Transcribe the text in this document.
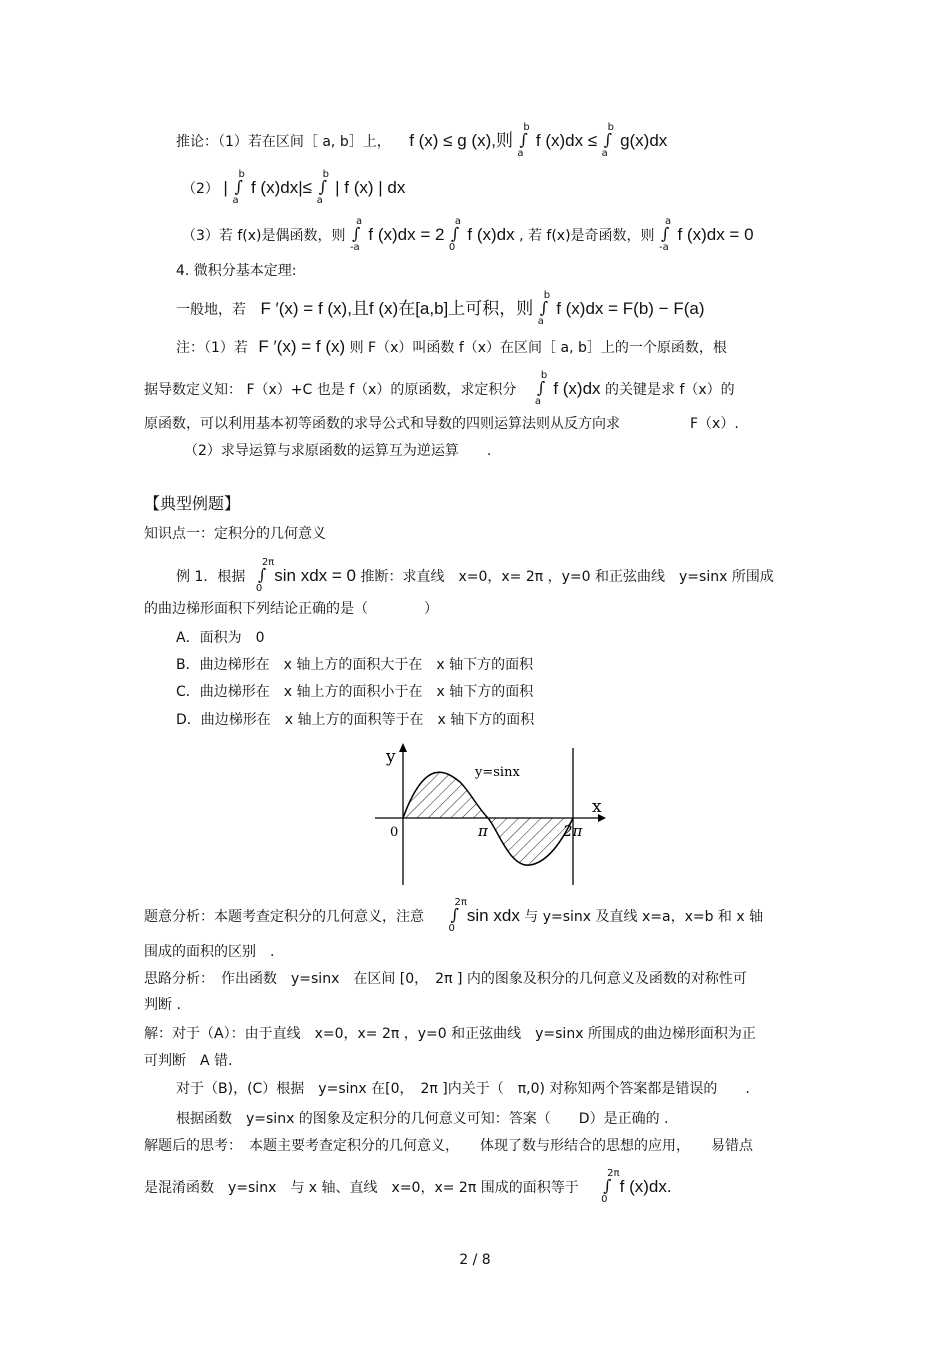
推论：（1）若在区间［ a, b］上， f (x) ≤ g (x),则 ∫
b
a
f (x)dx ≤ ∫
b
a
g(x)dx
（2） | ∫
b
a
f (x)dx|≤ ∫
b
a
| f (x) | dx
（3）若 f(x)是偶函数，则 ∫
a
-a
f (x)dx = 2 ∫
a
0
f (x)dx , 若 f(x)是奇函数，则 ∫
a
-a
f (x)dx = 0
4. 微积分基本定理:
一般地，若 F ′(x) = f (x),且f (x)在[a,b]上可积，则 ∫
b
a
f (x)dx = F(b) − F(a)
注：（1）若 F ′(x) = f (x) 则 F（x）叫函数 f（x）在区间［ a, b］上的一个原函数，根
据导数定义知： F（x）+C 也是 f（x）的原函数，求定积分 ∫
b
a
f (x)dx 的关键是求 f（x）的
原函数，可以利用基本初等函数的求导公式和导数的四则运算法则从反方向求　　　　　F（x）.
（2）求导运算与求原函数的运算互为逆运算　　.
【典型例题】
知识点一：定积分的几何意义
例 1．根据 ∫
2π
0
sin xdx = 0 推断：求直线　x=0，x= 2π ，y=0 和正弦曲线　y=sinx 所围成
的曲边梯形面积下列结论正确的是（　　　　）
A．面积为　0
B．曲边梯形在　x 轴上方的面积大于在　x 轴下方的面积
C．曲边梯形在　x 轴上方的面积小于在　x 轴下方的面积
D．曲边梯形在　x 轴上方的面积等于在　x 轴下方的面积
y
x
0	π	2π
y=sinx
题意分析：本题考查定积分的几何意义，注意 ∫
2π
0
sin xdx 与 y=sinx 及直线 x=a，x=b 和 x 轴
围成的面积的区别　.
思路分析：　作出函数　y=sinx　在区间 [0，　2π ] 内的图象及积分的几何意义及函数的对称性可
判断 .
解：对于（A）：由于直线　x=0，x= 2π ，y=0 和正弦曲线　y=sinx 所围成的曲边梯形面积为正
可判断　A 错.
对于（B)，(C）根据　y=sinx 在[0，　2π ]内关于（　π,0) 对称知两个答案都是错误的　　.
根据函数　y=sinx 的图象及定积分的几何意义可知：答案（　　D）是正确的 .
解题后的思考：　本题主要考查定积分的几何意义，　　体现了数与形结合的思想的应用，　　易错点
是混淆函数　y=sinx　与 x 轴、直线　x=0，x= 2π 围成的面积等于 ∫
2π
0
f (x)dx.
2 / 8
